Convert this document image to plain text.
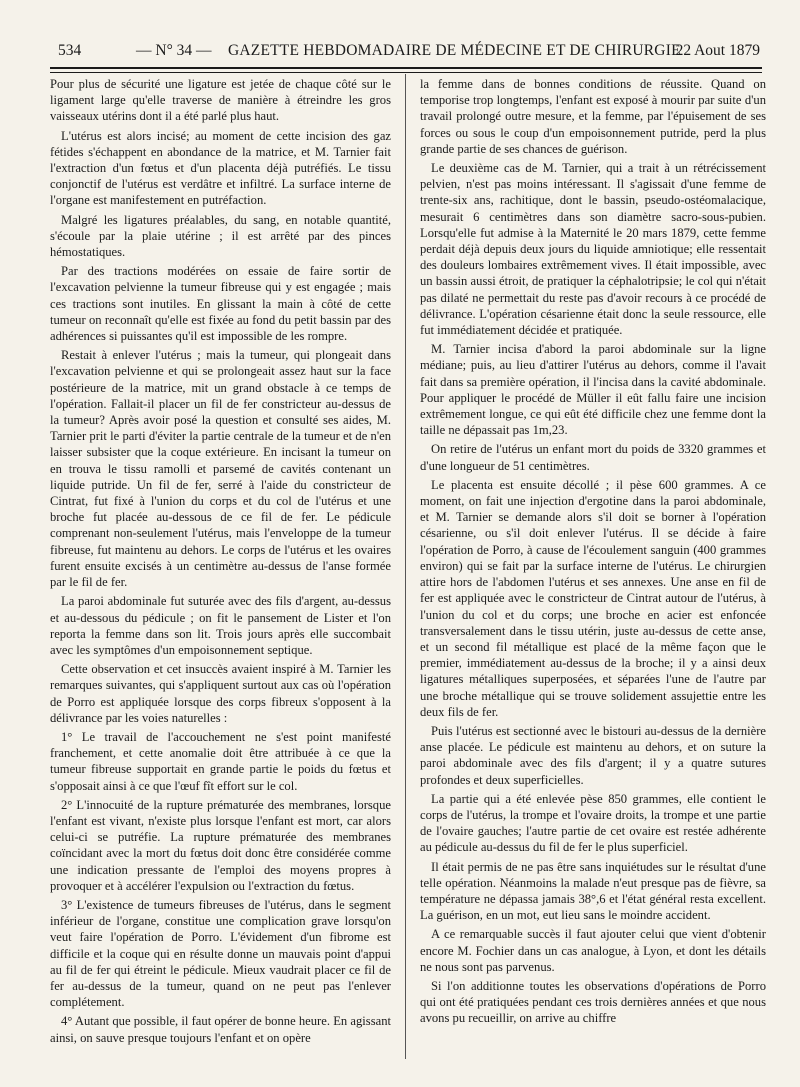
534	— N° 34 — GAZETTE HEBDOMADAIRE DE MÉDECINE ET DE CHIRURGIE
22 Aout 1879

Pour plus de sécurité une ligature est jetée de chaque côté sur le ligament large qu'elle traverse de manière à étreindre les gros vaisseaux utérins dont il a été parlé plus haut.

L'utérus est alors incisé; au moment de cette incision des gaz fétides s'échappent en abondance de la matrice, et M. Tarnier fait l'extraction d'un fœtus et d'un placenta déjà putréfiés. Le tissu conjonctif de l'utérus est verdâtre et infiltré. La surface interne de l'organe est manifestement en putréfaction.

Malgré les ligatures préalables, du sang, en notable quantité, s'écoule par la plaie utérine ; il est arrêté par des pinces hémostatiques.

Par des tractions modérées on essaie de faire sortir de l'excavation pelvienne la tumeur fibreuse qui y est engagée ; mais ces tractions sont inutiles. En glissant la main à côté de cette tumeur on reconnaît qu'elle est fixée au fond du petit bassin par des adhérences si puissantes qu'il est impossible de les rompre.

Restait à enlever l'utérus ; mais la tumeur, qui plongeait dans l'excavation pelvienne et qui se prolongeait assez haut sur la face postérieure de la matrice, mit un grand obstacle à ce temps de l'opération. Fallait-il placer un fil de fer constricteur au-dessus de la tumeur? Après avoir posé la question et consulté ses aides, M. Tarnier prit le parti d'éviter la partie centrale de la tumeur et de n'en laisser subsister que la coque extérieure. En incisant la tumeur on en trouva le tissu ramolli et parsemé de cavités contenant un liquide putride. Un fil de fer, serré à l'aide du constricteur de Cintrat, fut fixé à l'union du corps et du col de l'utérus et une broche fut placée au-dessous de ce fil de fer. Le pédicule comprenant non-seulement l'utérus, mais l'enveloppe de la tumeur fibreuse, fut maintenu au dehors. Le corps de l'utérus et les ovaires furent ensuite excisés à un centimètre au-dessus de l'anse formée par le fil de fer.

La paroi abdominale fut suturée avec des fils d'argent, au-dessus et au-dessous du pédicule ; on fit le pansement de Lister et l'on reporta la femme dans son lit. Trois jours après elle succombait avec les symptômes d'un empoisonnement septique.

Cette observation et cet insuccès avaient inspiré à M. Tarnier les remarques suivantes, qui s'appliquent surtout aux cas où l'opération de Porro est appliquée lorsque des corps fibreux s'opposent à la délivrance par les voies naturelles :

1° Le travail de l'accouchement ne s'est point manifesté franchement, et cette anomalie doit être attribuée à ce que la tumeur fibreuse supportait en grande partie le poids du fœtus et s'opposait ainsi à ce que l'œuf fît effort sur le col.

2° L'innocuité de la rupture prématurée des membranes, lorsque l'enfant est vivant, n'existe plus lorsque l'enfant est mort, car alors celui-ci se putréfie. La rupture prématurée des membranes coïncidant avec la mort du fœtus doit donc être considérée comme une indication pressante de l'emploi des moyens propres à provoquer et à accélérer l'expulsion ou l'extraction du fœtus.

3° L'existence de tumeurs fibreuses de l'utérus, dans le segment inférieur de l'organe, constitue une complication grave lorsqu'on veut faire l'opération de Porro. L'évidement d'un fibrome est difficile et la coque qui en résulte donne un mauvais point d'appui au fil de fer qui étreint le pédicule. Mieux vaudrait placer ce fil de fer au-dessus de la tumeur, quand on ne peut pas l'enlever complétement.

4° Autant que possible, il faut opérer de bonne heure. En agissant ainsi, on sauve presque toujours l'enfant et on opère

la femme dans de bonnes conditions de réussite. Quand on temporise trop longtemps, l'enfant est exposé à mourir par suite d'un travail prolongé outre mesure, et la femme, par l'épuisement de ses forces ou sous le coup d'un empoisonnement putride, perd la plus grande partie de ses chances de guérison.

Le deuxième cas de M. Tarnier, qui a trait à un rétrécissement pelvien, n'est pas moins intéressant. Il s'agissait d'une femme de trente-six ans, rachitique, dont le bassin, pseudo-ostéomalacique, mesurait 6 centimètres dans son diamètre sacro-sous-pubien. Lorsqu'elle fut admise à la Maternité le 20 mars 1879, cette femme perdait déjà depuis deux jours du liquide amniotique; elle ressentait des douleurs lombaires extrêmement vives. Il était impossible, avec un bassin aussi étroit, de pratiquer la céphalotripsie; le col qui n'était pas dilaté ne permettait du reste pas d'avoir recours à ce procédé de délivrance. L'opération césarienne était donc la seule ressource, elle fut immédiatement décidée et pratiquée.

M. Tarnier incisa d'abord la paroi abdominale sur la ligne médiane; puis, au lieu d'attirer l'utérus au dehors, comme il l'avait fait dans sa première opération, il l'incisa dans la cavité abdominale. Pour appliquer le procédé de Müller il eût fallu faire une incision extrêmement longue, ce qui eût été difficile chez une femme dont la taille ne dépassait pas 1m,23.

On retire de l'utérus un enfant mort du poids de 3320 grammes et d'une longueur de 51 centimètres.

Le placenta est ensuite décollé ; il pèse 600 grammes. A ce moment, on fait une injection d'ergotine dans la paroi abdominale, et M. Tarnier se demande alors s'il doit se borner à l'opération césarienne, ou s'il doit enlever l'utérus. Il se décide à faire l'opération de Porro, à cause de l'écoulement sanguin (400 grammes environ) qui se fait par la surface interne de l'utérus. Le chirurgien attire hors de l'abdomen l'utérus et ses annexes. Une anse en fil de fer est appliquée avec le constricteur de Cintrat autour de l'utérus, à l'union du col et du corps; une broche en acier est enfoncée transversalement dans le tissu utérin, juste au-dessus de cette anse, et un second fil métallique est placé de la même façon que le premier, immédiatement au-dessus de la broche; il y a ainsi deux ligatures métalliques superposées, et séparées l'une de l'autre par une broche métallique qui se trouve solidement assujettie entre les deux fils de fer.

Puis l'utérus est sectionné avec le bistouri au-dessus de la dernière anse placée. Le pédicule est maintenu au dehors, et on suture la paroi abdominale avec des fils d'argent; il y a quatre sutures profondes et deux superficielles.

La partie qui a été enlevée pèse 850 grammes, elle contient le corps de l'utérus, la trompe et l'ovaire droits, la trompe et une partie de l'ovaire gauches; l'autre partie de cet ovaire est restée adhérente au pédicule au-dessus du fil de fer le plus superficiel.

Il était permis de ne pas être sans inquiétudes sur le résultat d'une telle opération. Néanmoins la malade n'eut presque pas de fièvre, sa température ne dépassa jamais 38°,6 et l'état général resta excellent. La guérison, en un mot, eut lieu sans le moindre accident.

A ce remarquable succès il faut ajouter celui que vient d'obtenir encore M. Fochier dans un cas analogue, à Lyon, et dont les détails ne nous sont pas parvenus.

Si l'on additionne toutes les observations d'opérations de Porro qui ont été pratiquées pendant ces trois dernières années et que nous avons pu recueillir, on arrive au chiffre
